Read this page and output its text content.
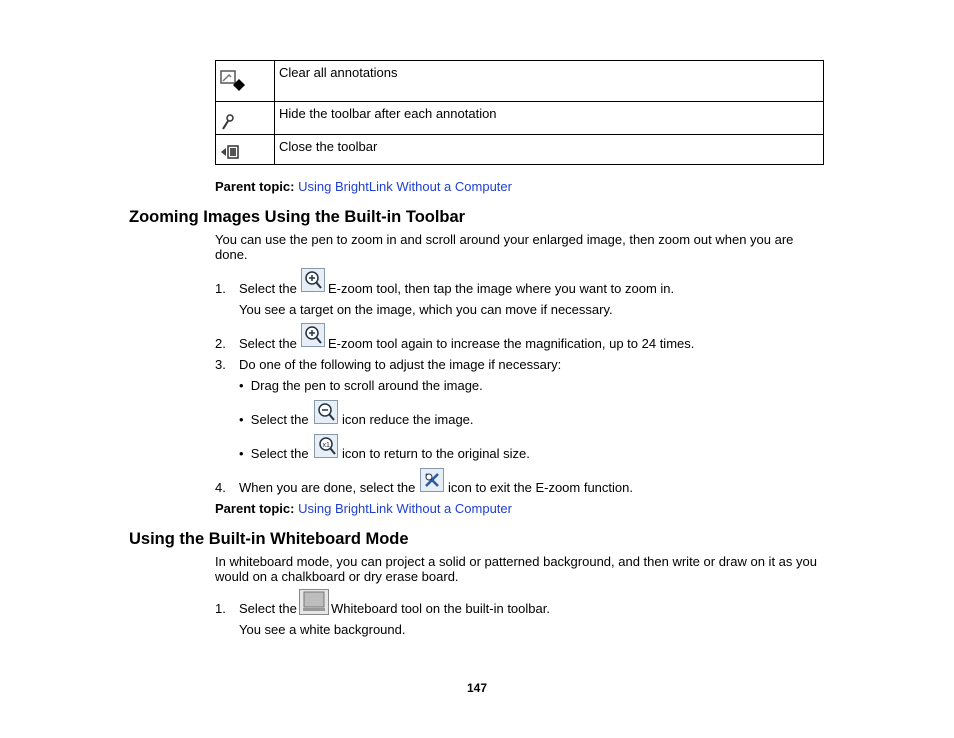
	Clear all annotations
	Hide the toolbar after each annotation
	Close the toolbar
Parent topic: Using BrightLink Without a Computer
Zooming Images Using the Built-in Toolbar
You can use the pen to zoom in and scroll around your enlarged image, then zoom out when you are done.
1. Select the E-zoom tool, then tap the image where you want to zoom in.
You see a target on the image, which you can move if necessary.
2. Select the E-zoom tool again to increase the magnification, up to 24 times.
3. Do one of the following to adjust the image if necessary:
• Drag the pen to scroll around the image.
• Select the	icon reduce the image.
• Select the
x1
icon to return to the original size.
4. When you are done, select the	icon to exit the E-zoom function.
Parent topic: Using BrightLink Without a Computer
Using the Built-in Whiteboard Mode
In whiteboard mode, you can project a solid or patterned background, and then write or draw on it as you would on a chalkboard or dry erase board.
1. Select the	Whiteboard tool on the built-in toolbar.
You see a white background.
147
